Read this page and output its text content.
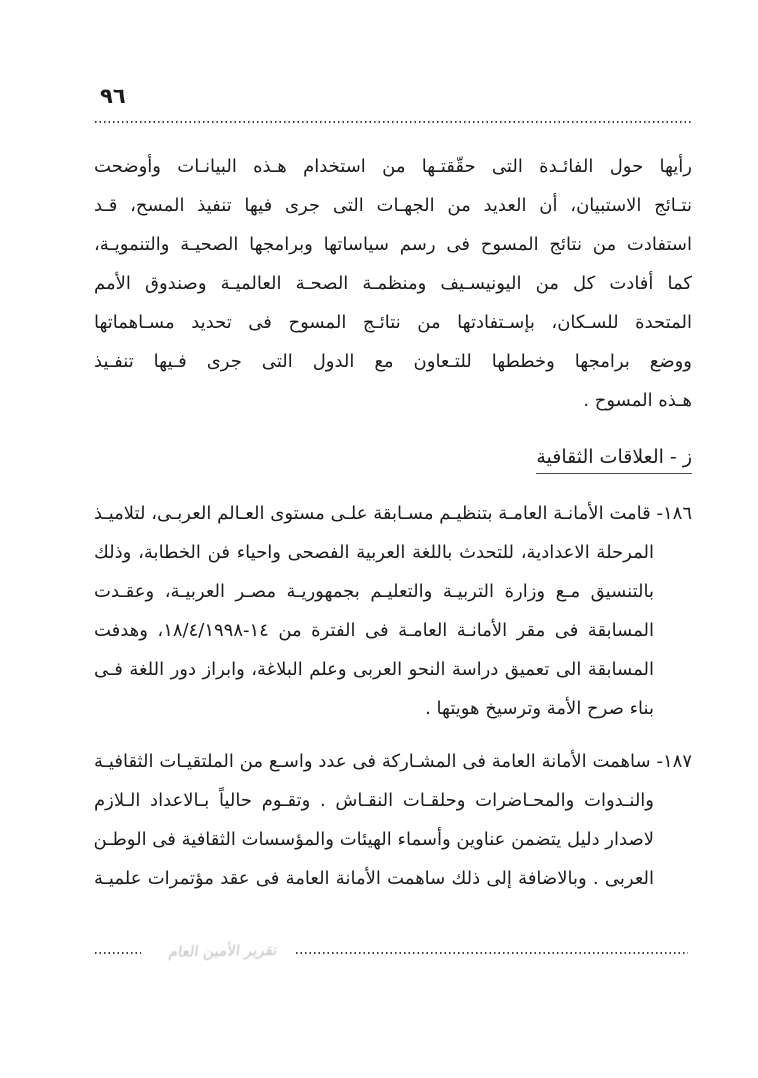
٩٦
رأيها حول الفائـدة التى حقّقتـها من استخدام هـذه البيانـات وأوضحت
نتـائج الاستبيان، أن العديد من الجهـات التى جرى فيها تنفيذ المسح، قـد
استفادت من نتائج المسوح فى رسم سياساتها وبرامجها الصحيـة والتنمويـة،
كما أفادت كل من اليونيسـيف ومنظمـة الصحـة العالميـة وصندوق الأمم
المتحدة للسـكان، بإسـتفادتها من نتائـج المسوح فى تحديد مسـاهماتها
ووضع برامجها وخططها للتـعاون مع الدول التى جرى فـيها تنفـيذ
هـذه المسوح .
ز - العلاقات الثقافية
١٨٦- قامت الأمانـة العامـة بتنظيـم مسـابقة علـى مستوى العـالم العربـى، لتلاميـذ
المرحلة الاعدادية، للتحدث باللغة العربية الفصحى واحياء فن الخطابة، وذلك
بالتنسيق مـع وزارة التربيـة والتعليـم بجمهوريـة مصـر العربيـة، وعقـدت
المسابقة فى مقر الأمانـة العامـة فى الفترة من ١٤-١٨/٤/١٩٩٨، وهدفت
المسابقة الى تعميق دراسة النحو العربى وعلم البلاغة، وابراز دور اللغة فـى
بناء صرح الأمة وترسيخ هويتها .
١٨٧- ساهمت الأمانة العامة فى المشـاركة فى عدد واسـع من الملتقيـات الثقافيـة
والنـدوات والمحـاضرات وحلقـات النقـاش . وتقـوم حالياً بـالاعداد الـلازم
لاصدار دليل يتضمن عناوين وأسماء الهيئات والمؤسسات الثقافية فى الوطـن
العربى . وبالاضافة إلى ذلك ساهمت الأمانة العامة فى عقد مؤتمرات علميـة
تقرير الأمين العام
